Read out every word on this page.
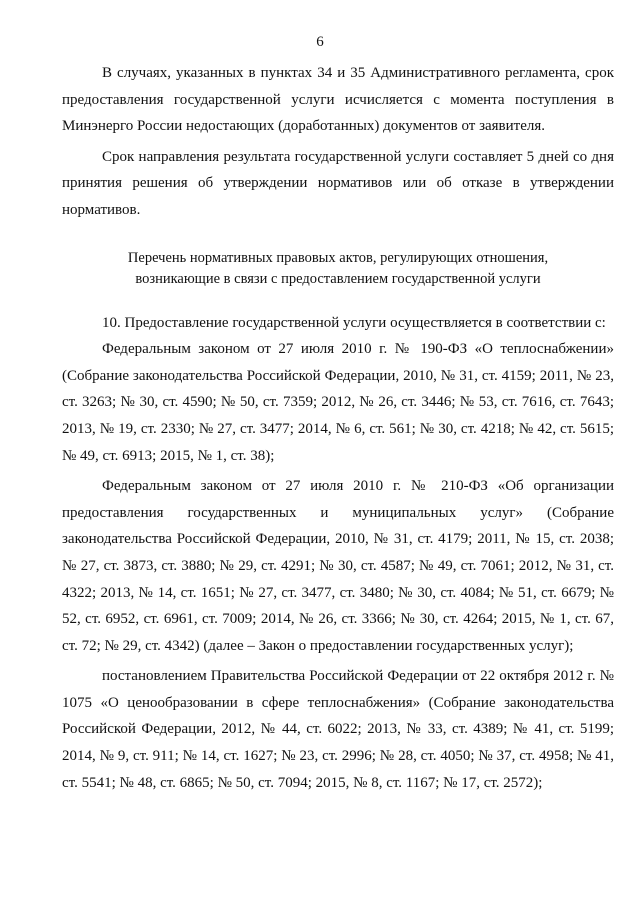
6

В случаях, указанных в пунктах 34 и 35 Административного регламента, срок предоставления государственной услуги исчисляется с момента поступления в Минэнерго России недостающих (доработанных) документов от заявителя.

Срок направления результата государственной услуги составляет 5 дней со дня принятия решения об утверждении нормативов или об отказе в утверждении нормативов.

Перечень нормативных правовых актов, регулирующих отношения,
возникающие в связи с предоставлением государственной услуги

10. Предоставление государственной услуги осуществляется в соответствии с:

Федеральным законом от 27 июля 2010 г. № 190-ФЗ «О теплоснабжении» (Собрание законодательства Российской Федерации, 2010, № 31, ст. 4159; 2011, № 23, ст. 3263; № 30, ст. 4590; № 50, ст. 7359; 2012, № 26, ст. 3446; № 53, ст. 7616, ст. 7643; 2013, № 19, ст. 2330; № 27, ст. 3477; 2014, № 6, ст. 561; № 30, ст. 4218; № 42, ст. 5615; № 49, ст. 6913; 2015, № 1, ст. 38);

Федеральным законом от 27 июля 2010 г. № 210-ФЗ «Об организации предоставления государственных и муниципальных услуг» (Собрание законодательства Российской Федерации, 2010, № 31, ст. 4179; 2011, № 15, ст. 2038; № 27, ст. 3873, ст. 3880; № 29, ст. 4291; № 30, ст. 4587; № 49, ст. 7061; 2012, № 31, ст. 4322; 2013, № 14, ст. 1651; № 27, ст. 3477, ст. 3480; № 30, ст. 4084; № 51, ст. 6679; № 52, ст. 6952, ст. 6961, ст. 7009; 2014, № 26, ст. 3366; № 30, ст. 4264; 2015, № 1, ст. 67, ст. 72; № 29, ст. 4342) (далее – Закон о предоставлении государственных услуг);

постановлением Правительства Российской Федерации от 22 октября 2012 г. № 1075 «О ценообразовании в сфере теплоснабжения» (Собрание законодательства Российской Федерации, 2012, № 44, ст. 6022; 2013, № 33, ст. 4389; № 41, ст. 5199; 2014, № 9, ст. 911; № 14, ст. 1627; № 23, ст. 2996; № 28, ст. 4050; № 37, ст. 4958; № 41, ст. 5541; № 48, ст. 6865; № 50, ст. 7094; 2015, № 8, ст. 1167; № 17, ст. 2572);
